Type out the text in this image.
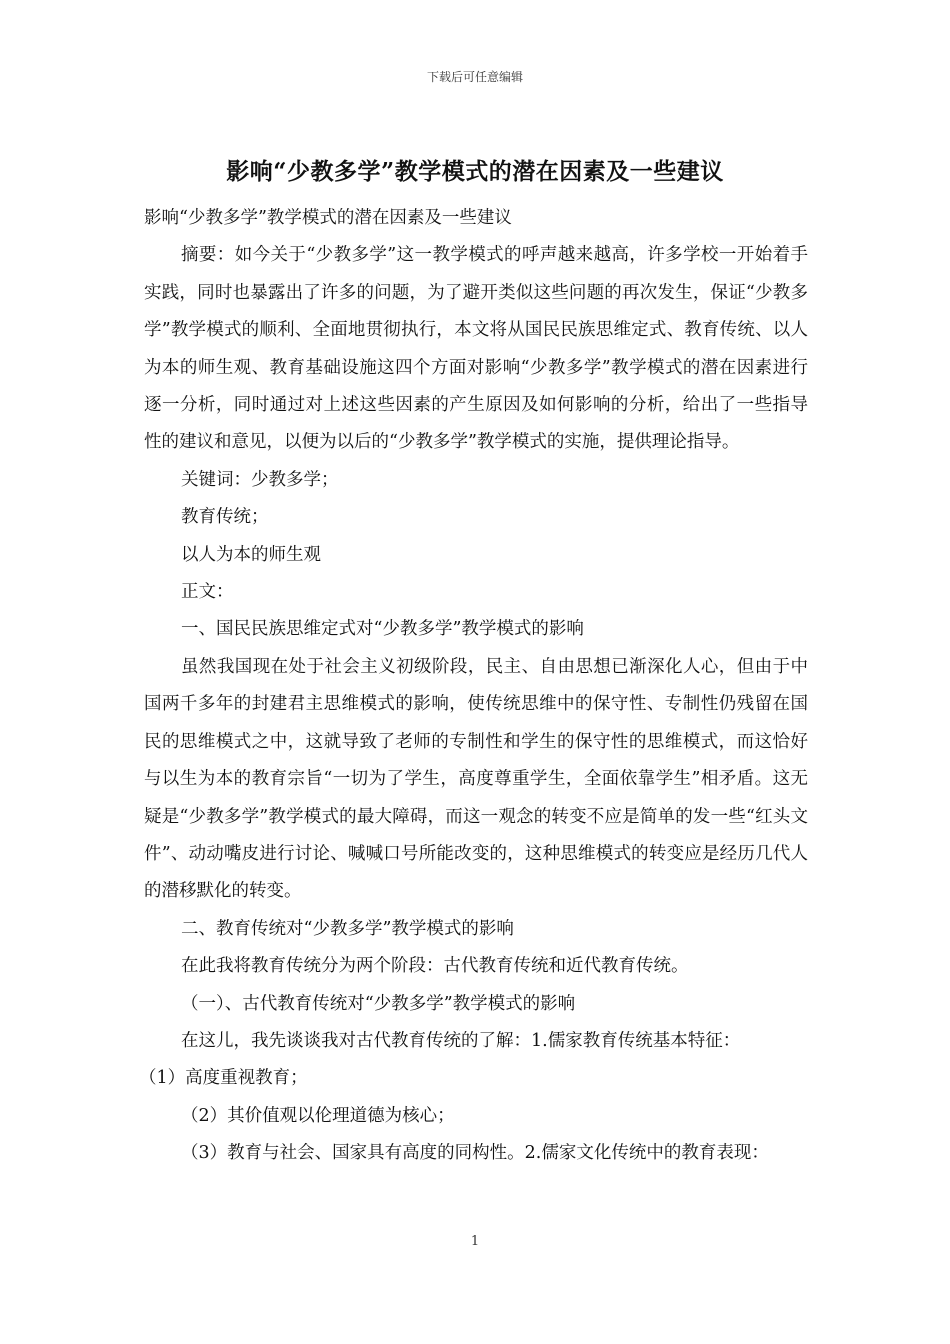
下载后可任意编辑
影响“少教多学”教学模式的潜在因素及一些建议

影响“少教多学”教学模式的潜在因素及一些建议

摘要：如今关于“少教多学”这一教学模式的呼声越来越高，许多学校一开始着手实践，同时也暴露出了许多的问题，为了避开类似这些问题的再次发生，保证“少教多学”教学模式的顺利、全面地贯彻执行，本文将从国民民族思维定式、教育传统、以人为本的师生观、教育基础设施这四个方面对影响“少教多学”教学模式的潜在因素进行逐一分析，同时通过对上述这些因素的产生原因及如何影响的分析，给出了一些指导性的建议和意见，以便为以后的“少教多学”教学模式的实施，提供理论指导。

关键词：少教多学；

教育传统；

以人为本的师生观

正文：

一、国民民族思维定式对“少教多学”教学模式的影响

虽然我国现在处于社会主义初级阶段，民主、自由思想已渐深化人心，但由于中国两千多年的封建君主思维模式的影响，使传统思维中的保守性、专制性仍残留在国民的思维模式之中，这就导致了老师的专制性和学生的保守性的思维模式，而这恰好与以生为本的教育宗旨“一切为了学生，高度尊重学生，全面依靠学生”相矛盾。这无疑是“少教多学”教学模式的最大障碍，而这一观念的转变不应是简单的发一些“红头文件”、动动嘴皮进行讨论、喊喊口号所能改变的，这种思维模式的转变应是经历几代人的潜移默化的转变。

二、教育传统对“少教多学”教学模式的影响

在此我将教育传统分为两个阶段：古代教育传统和近代教育传统。

（一）、古代教育传统对“少教多学”教学模式的影响

在这儿，我先谈谈我对古代教育传统的了解：1.儒家教育传统基本特征：

（1）高度重视教育；

（2）其价值观以伦理道德为核心；

（3）教育与社会、国家具有高度的同构性。2.儒家文化传统中的教育表现：

1
